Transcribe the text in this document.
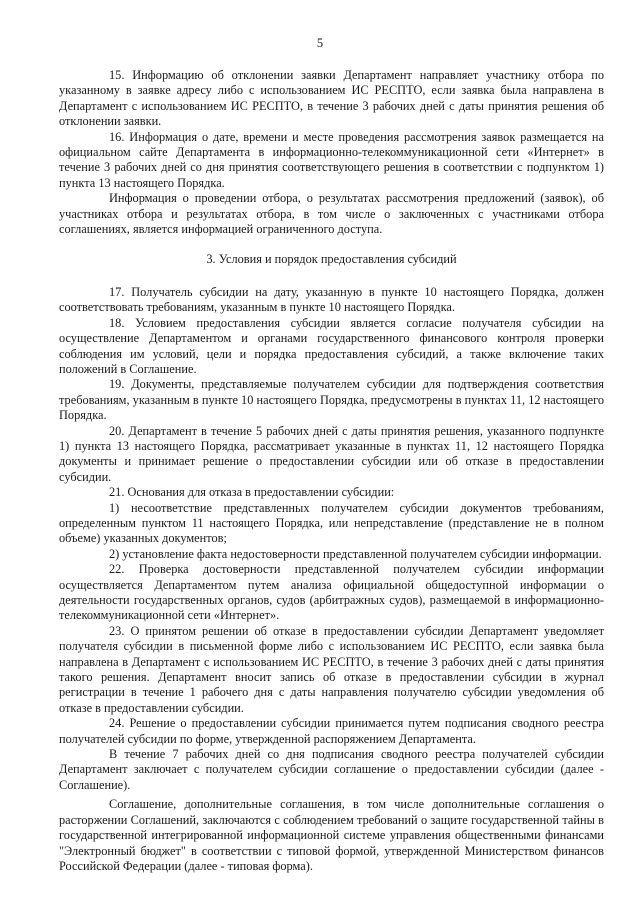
5

15. Информацию об отклонении заявки Департамент направляет участнику отбора по указанному в заявке адресу либо с использованием ИС РЕСПТО, если заявка была направлена в Департамент с использованием ИС РЕСПТО, в течение 3 рабочих дней с даты принятия решения об отклонении заявки.

16. Информация о дате, времени и месте проведения рассмотрения заявок размещается на официальном сайте Департамента в информационно-телекоммуникационной сети «Интернет» в течение 3 рабочих дней со дня принятия соответствующего решения в соответствии с подпунктом 1) пункта 13 настоящего Порядка.

Информация о проведении отбора, о результатах рассмотрения предложений (заявок), об участниках отбора и результатах отбора, в том числе о заключенных с участниками отбора соглашениях, является информацией ограниченного доступа.

3. Условия и порядок предоставления субсидий

17. Получатель субсидии на дату, указанную в пункте 10 настоящего Порядка, должен соответствовать требованиям, указанным в пункте 10 настоящего Порядка.

18. Условием предоставления субсидии является согласие получателя субсидии на осуществление Департаментом и органами государственного финансового контроля проверки соблюдения им условий, цели и порядка предоставления субсидий, а также включение таких положений в Соглашение.

19. Документы, представляемые получателем субсидии для подтверждения соответствия требованиям, указанным в пункте 10 настоящего Порядка, предусмотрены в пунктах 11, 12 настоящего Порядка.

20. Департамент в течение 5 рабочих дней с даты принятия решения, указанного подпункте 1) пункта 13 настоящего Порядка, рассматривает указанные в пунктах 11, 12 настоящего Порядка документы и принимает решение о предоставлении субсидии или об отказе в предоставлении субсидии.

21. Основания для отказа в предоставлении субсидии:

1) несоответствие представленных получателем субсидии документов требованиям, определенным пунктом 11 настоящего Порядка, или непредставление (представление не в полном объеме) указанных документов;

2) установление факта недостоверности представленной получателем субсидии информации.

22. Проверка достоверности представленной получателем субсидии информации осуществляется Департаментом путем анализа официальной общедоступной информации о деятельности государственных органов, судов (арбитражных судов), размещаемой в информационно-телекоммуникационной сети «Интернет».

23. О принятом решении об отказе в предоставлении субсидии Департамент уведомляет получателя субсидии в письменной форме либо с использованием ИС РЕСПТО, если заявка была направлена в Департамент с использованием ИС РЕСПТО, в течение 3 рабочих дней с даты принятия такого решения. Департамент вносит запись об отказе в предоставлении субсидии в журнал регистрации в течение 1 рабочего дня с даты направления получателю субсидии уведомления об отказе в предоставлении субсидии.

24. Решение о предоставлении субсидии принимается путем подписания сводного реестра получателей субсидии по форме, утвержденной распоряжением Департамента.

В течение 7 рабочих дней со дня подписания сводного реестра получателей субсидии Департамент заключает с получателем субсидии соглашение о предоставлении субсидии (далее - Соглашение).

Соглашение, дополнительные соглашения, в том числе дополнительные соглашения о расторжении Соглашений, заключаются с соблюдением требований о защите государственной тайны в государственной интегрированной информационной системе управления общественными финансами "Электронный бюджет" в соответствии с типовой формой, утвержденной Министерством финансов Российской Федерации (далее - типовая форма).
